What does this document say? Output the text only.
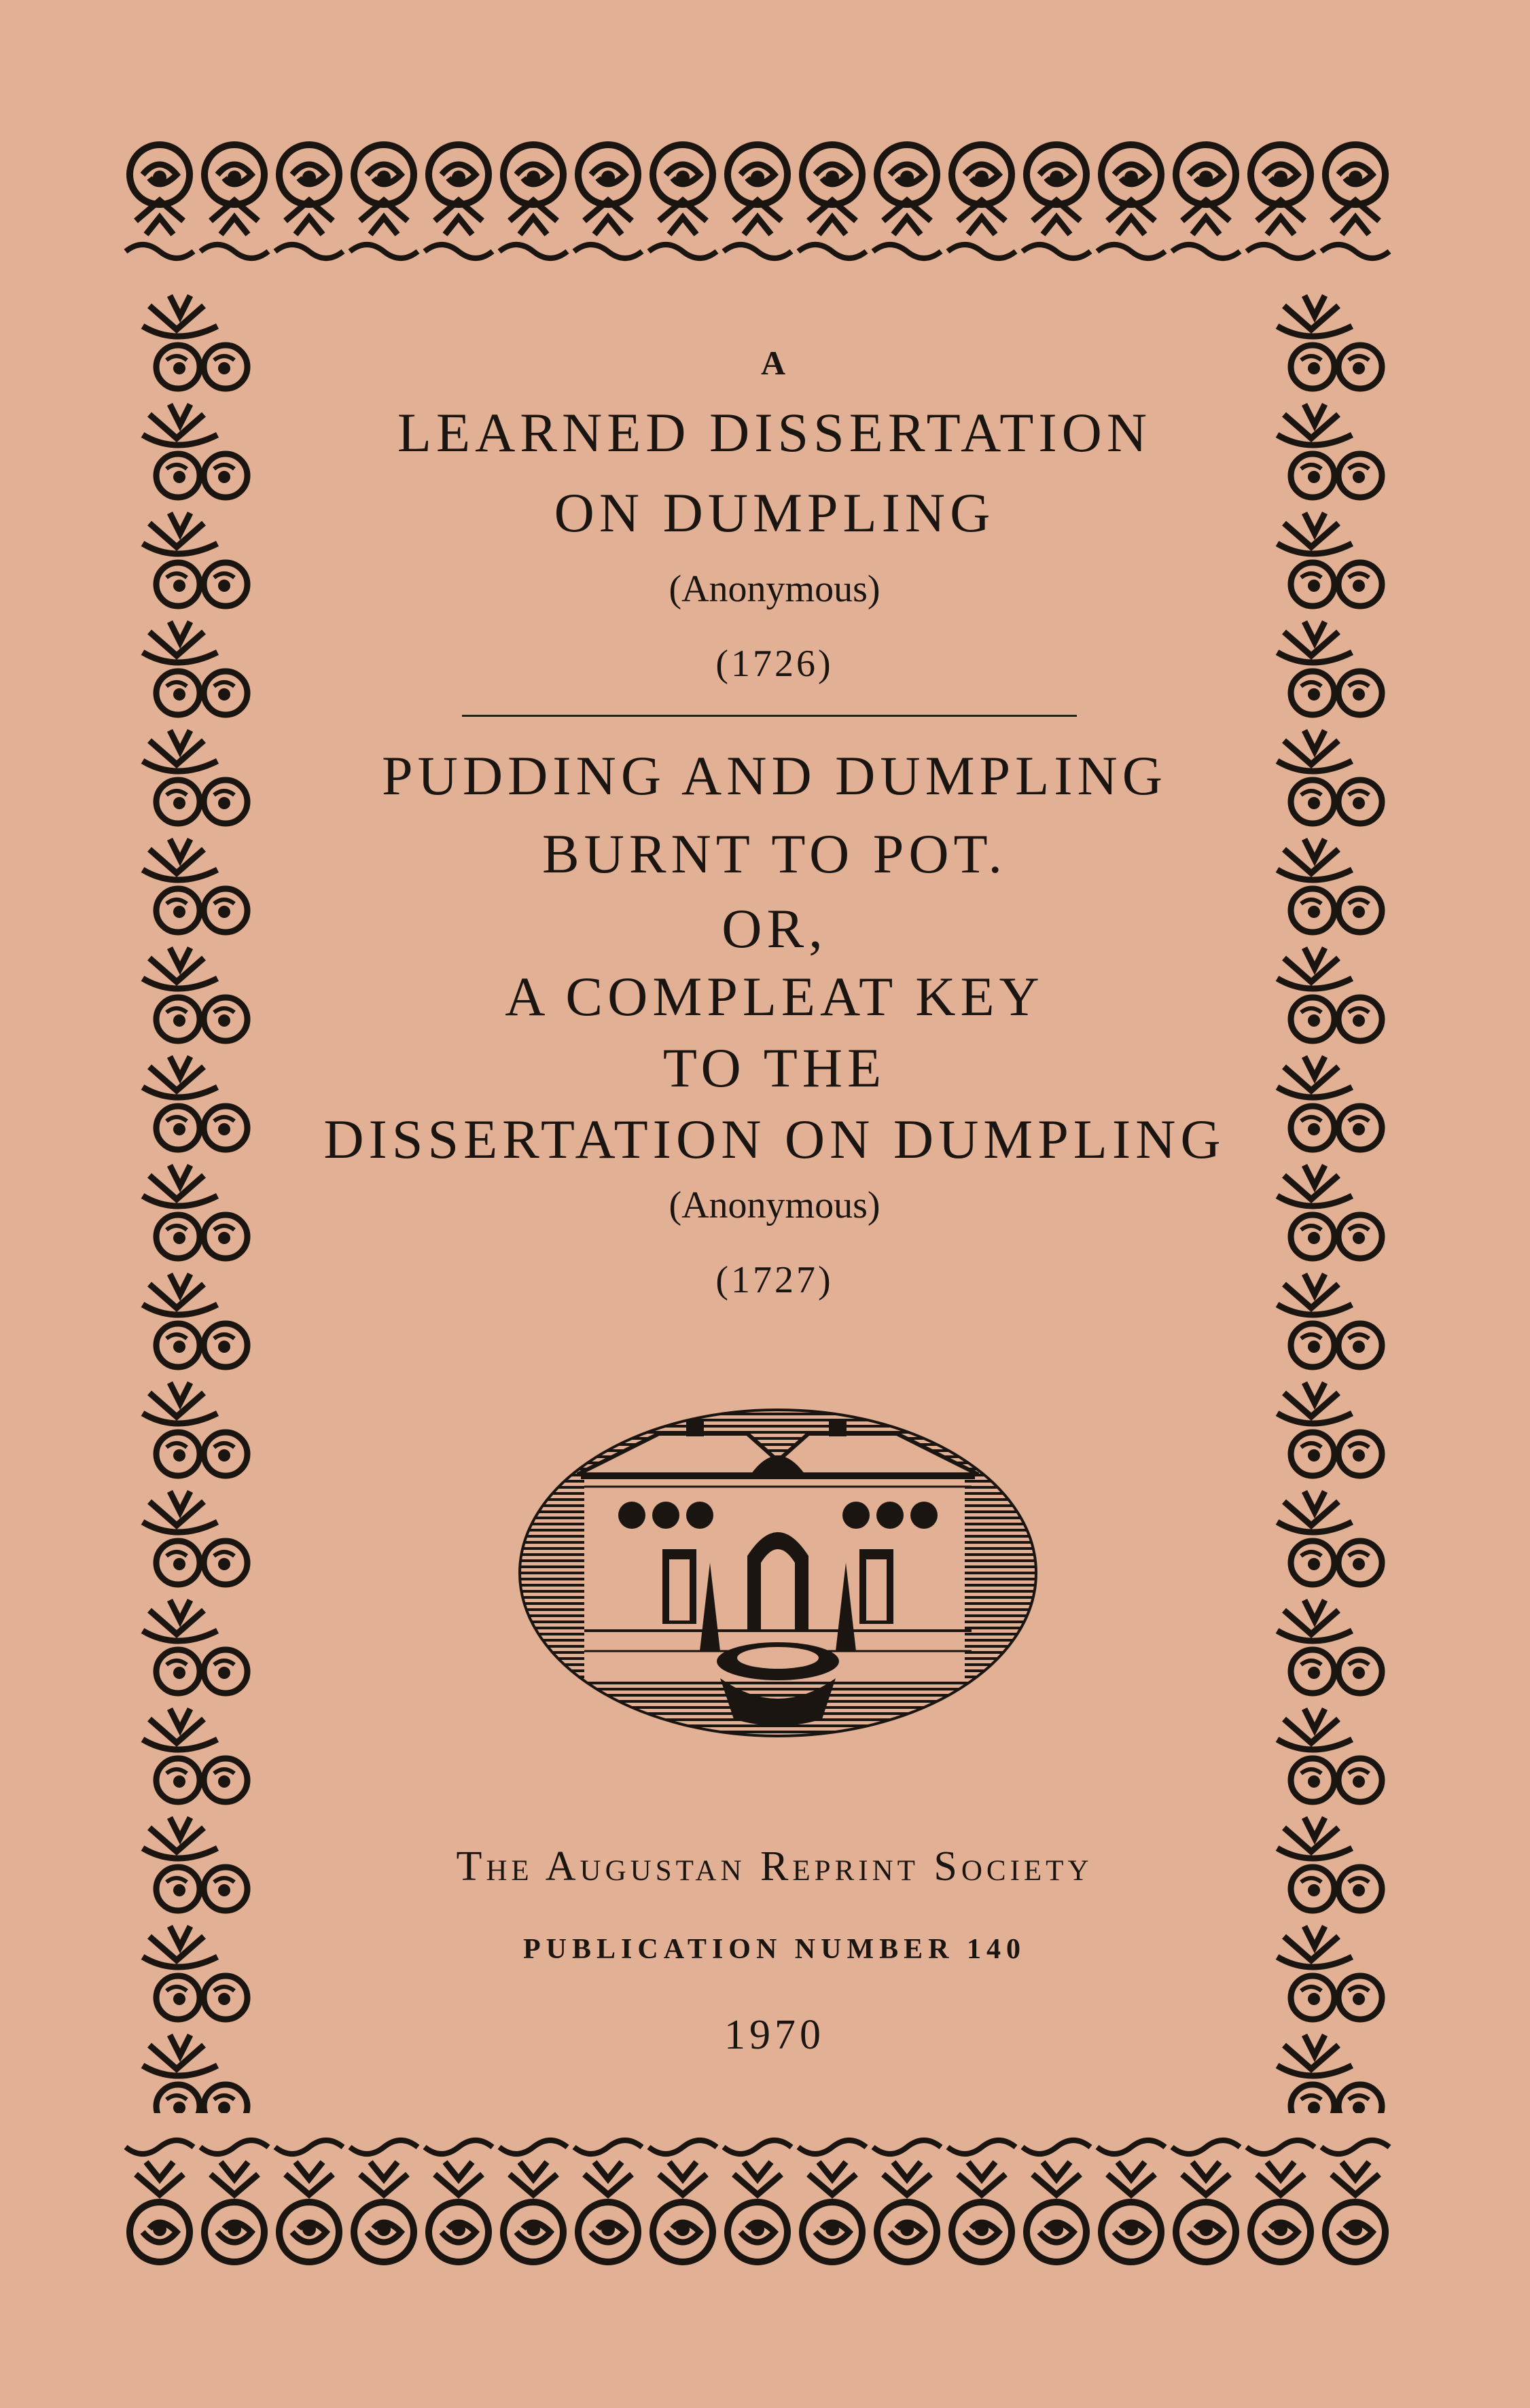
A
LEARNED DISSERTATION
ON DUMPLING
(Anonymous)
(1726)
PUDDING AND DUMPLING
BURNT TO POT.
OR,
A COMPLEAT KEY
TO THE
DISSERTATION ON DUMPLING
(Anonymous)
(1727)
The Augustan Reprint Society
PUBLICATION NUMBER 140
1970
